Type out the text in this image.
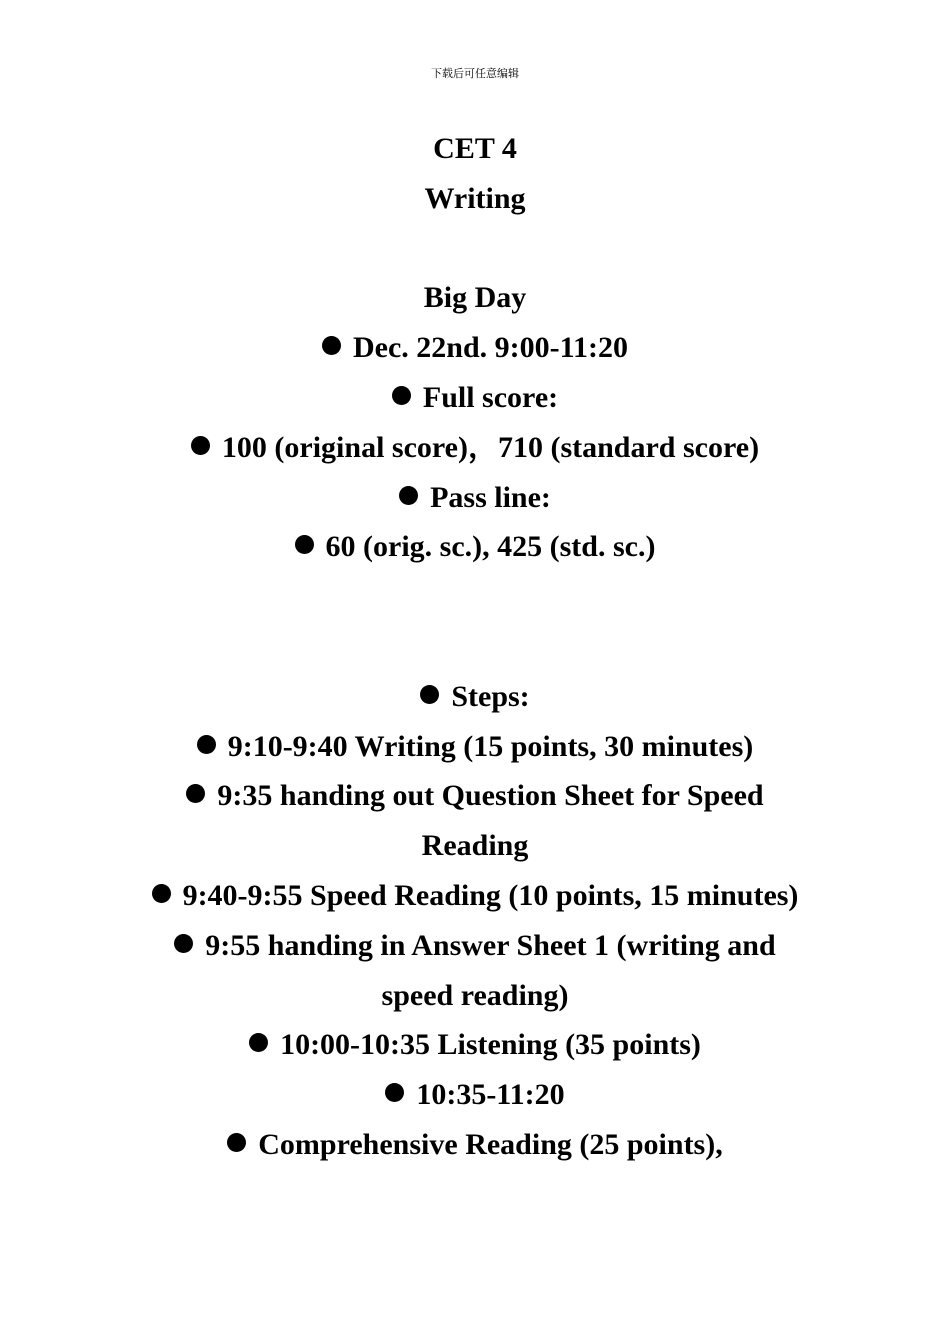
下载后可任意编辑
CET 4
Writing
Big Day
Dec. 22nd. 9:00-11:20
Full score:
100 (original score)，710 (standard score)
Pass line:
60 (orig. sc.), 425 (std. sc.)
Steps:
9:10-9:40 Writing (15 points, 30 minutes)
9:35 handing out Question Sheet for Speed Reading
9:40-9:55 Speed Reading (10 points, 15 minutes)
9:55 handing in Answer Sheet 1 (writing and speed reading)
10:00-10:35 Listening (35 points)
10:35-11:20
Comprehensive Reading (25 points),
